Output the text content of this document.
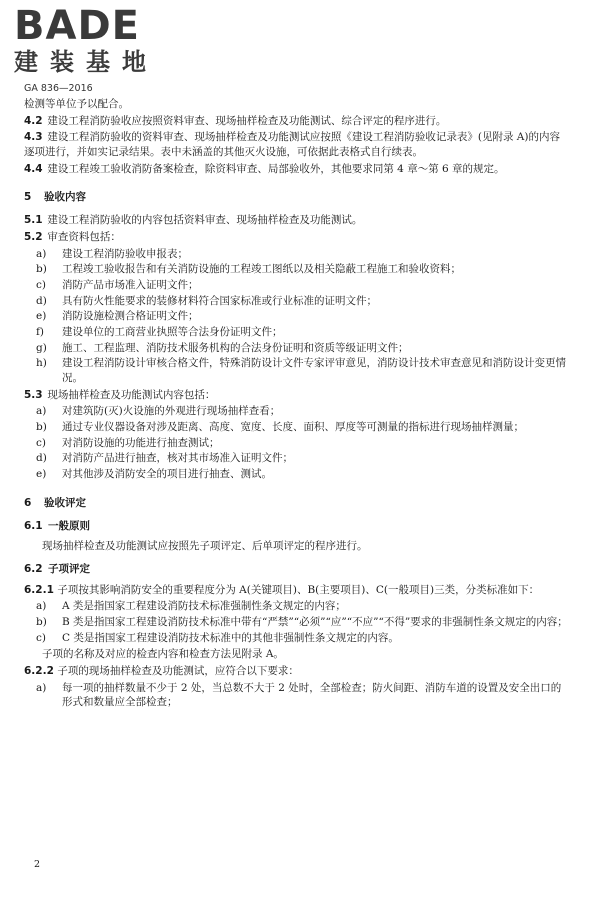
BADE
建装基地
GA 836—2016

检测等单位予以配合。

4.2 建设工程消防验收应按照资料审查、现场抽样检查及功能测试、综合评定的程序进行。

4.3 建设工程消防验收的资料审查、现场抽样检查及功能测试应按照《建设工程消防验收记录表》(见附录 A)的内容逐项进行，并如实记录结果。表中未涵盖的其他灭火设施，可依据此表格式自行续表。

4.4 建设工程竣工验收消防备案检查，除资料审查、局部验收外，其他要求同第 4 章～第 6 章的规定。

5 验收内容

5.1 建设工程消防验收的内容包括资料审查、现场抽样检查及功能测试。

5.2 审查资料包括：

a)	建设工程消防验收申报表；
b)	工程竣工验收报告和有关消防设施的工程竣工图纸以及相关隐蔽工程施工和验收资料；
c)	消防产品市场准入证明文件；
d)	具有防火性能要求的装修材料符合国家标准或行业标准的证明文件；
e)	消防设施检测合格证明文件；
f)	建设单位的工商营业执照等合法身份证明文件；
g)	施工、工程监理、消防技术服务机构的合法身份证明和资质等级证明文件；
h)	建设工程消防设计审核合格文件，特殊消防设计文件专家评审意见，消防设计技术审查意见和消防设计变更情况。

5.3 现场抽样检查及功能测试内容包括：

a)	对建筑防(灭)火设施的外观进行现场抽样查看；
b)	通过专业仪器设备对涉及距离、高度、宽度、长度、面积、厚度等可测量的指标进行现场抽样测量；
c)	对消防设施的功能进行抽查测试；
d)	对消防产品进行抽查，核对其市场准入证明文件；
e)	对其他涉及消防安全的项目进行抽查、测试。
6 验收评定
6.1 一般原则

现场抽样检查及功能测试应按照先子项评定、后单项评定的程序进行。

6.2 子项评定

6.2.1 子项按其影响消防安全的重要程度分为 A(关键项目)、B(主要项目)、C(一般项目)三类，分类标准如下：

a)	A 类是指国家工程建设消防技术标准强制性条文规定的内容；
b)	B 类是指国家工程建设消防技术标准中带有“严禁”“必须”“应”“不应”“不得”要求的非强制性条文规定的内容；
c)	C 类是指国家工程建设消防技术标准中的其他非强制性条文规定的内容。

子项的名称及对应的检查内容和检查方法见附录 A。

6.2.2 子项的现场抽样检查及功能测试，应符合以下要求：

a)	每一项的抽样数量不少于 2 处，当总数不大于 2 处时，全部检查；防火间距、消防车道的设置及安全出口的形式和数量应全部检查；
2
